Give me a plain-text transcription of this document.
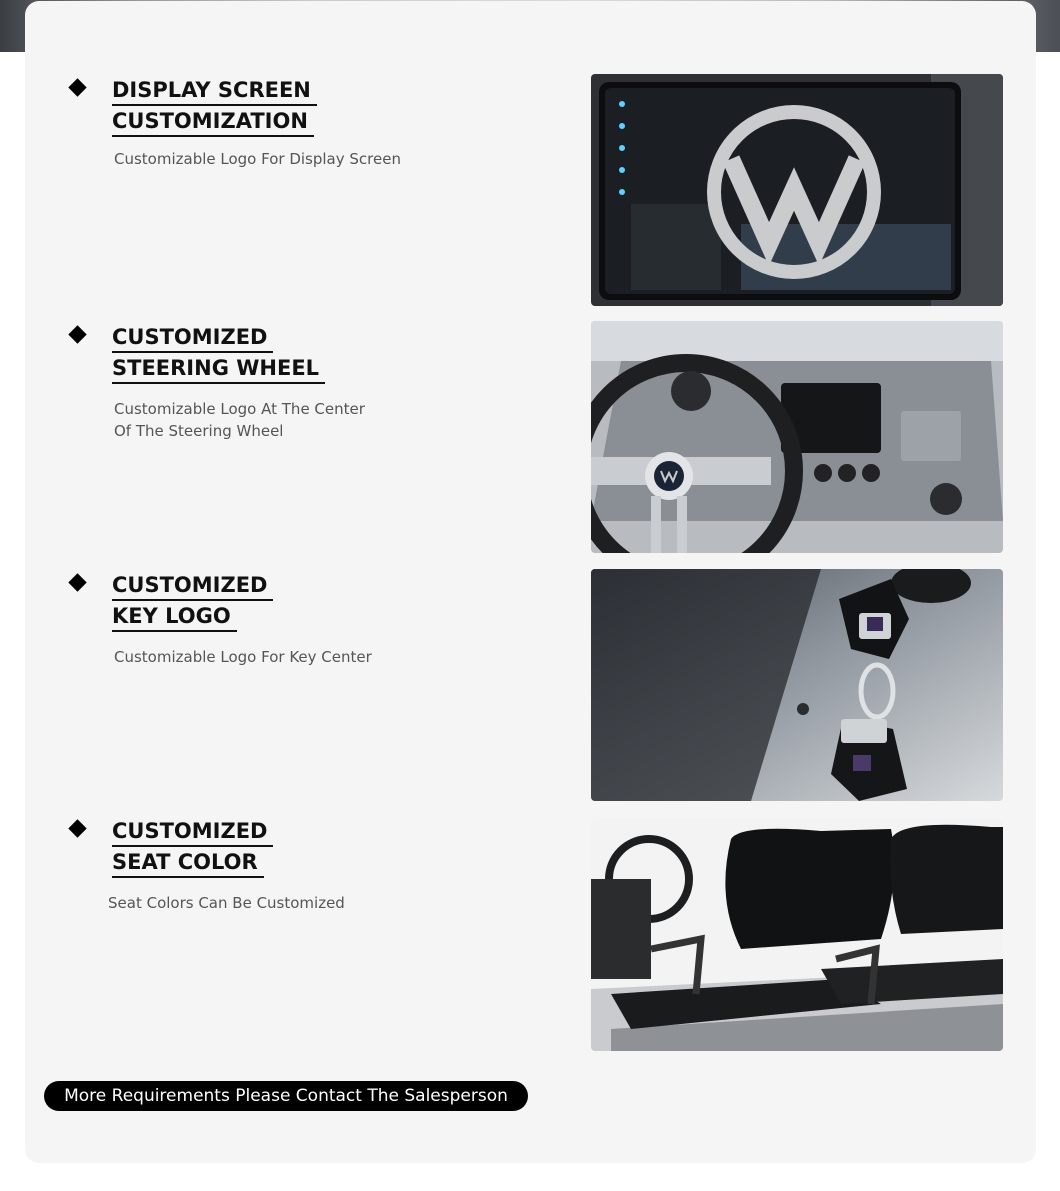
DISPLAY SCREEN
CUSTOMIZATION

Customizable Logo For Display Screen

CUSTOMIZED
STEERING WHEEL

Customizable Logo At The Center
Of The Steering Wheel

CUSTOMIZED
KEY LOGO

Customizable Logo For Key Center

CUSTOMIZED
SEAT COLOR

Seat Colors Can Be Customized

More Requirements Please Contact The Salesperson
